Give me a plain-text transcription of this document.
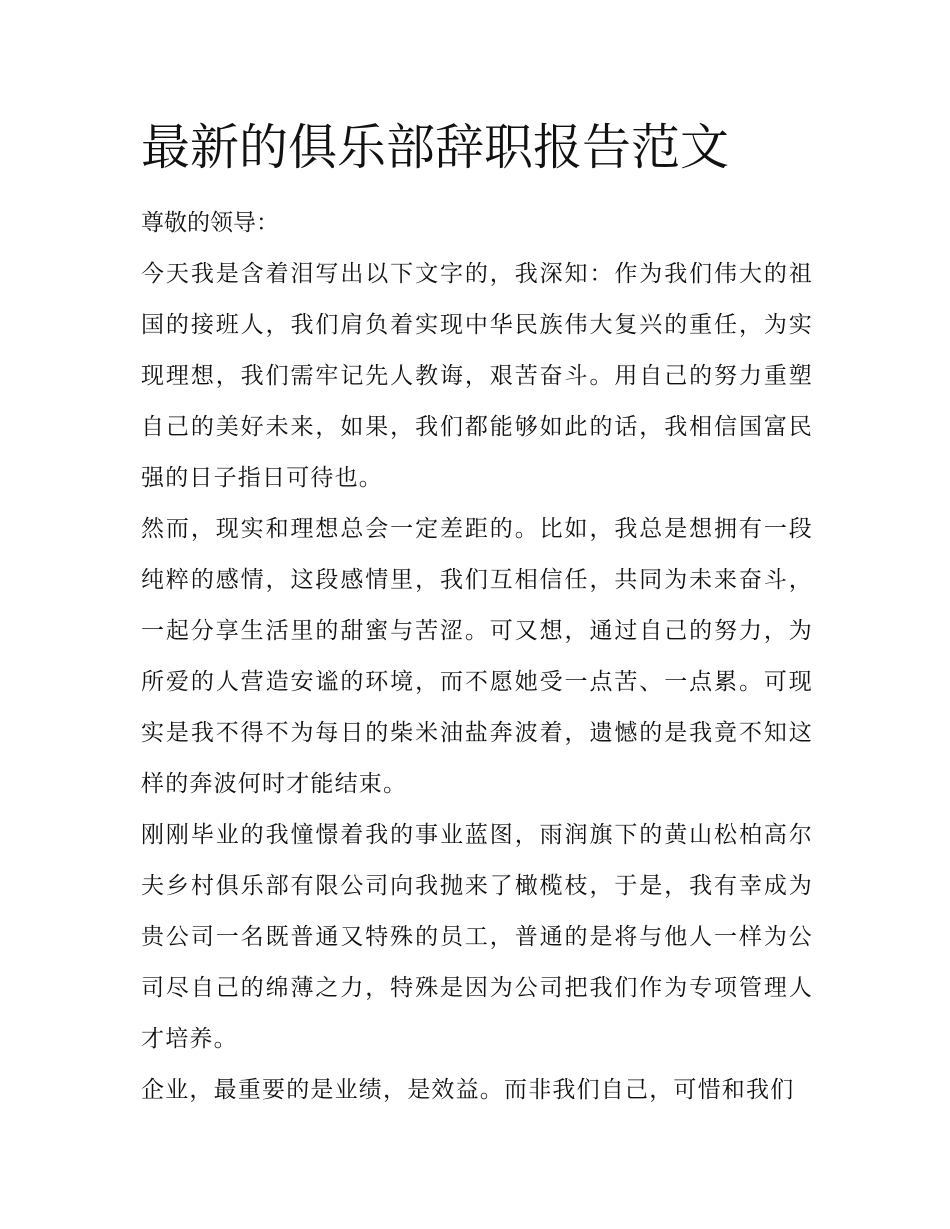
最新的俱乐部辞职报告范文

尊敬的领导：

今天我是含着泪写出以下文字的，我深知：作为我们伟大的祖国的接班人，我们肩负着实现中华民族伟大复兴的重任，为实现理想，我们需牢记先人教诲，艰苦奋斗。用自己的努力重塑自己的美好未来，如果，我们都能够如此的话，我相信国富民强的日子指日可待也。

然而，现实和理想总会一定差距的。比如，我总是想拥有一段纯粹的感情，这段感情里，我们互相信任，共同为未来奋斗，一起分享生活里的甜蜜与苦涩。可又想，通过自己的努力，为所爱的人营造安谧的环境，而不愿她受一点苦、一点累。可现实是我不得不为每日的柴米油盐奔波着，遗憾的是我竟不知这样的奔波何时才能结束。

刚刚毕业的我憧憬着我的事业蓝图，雨润旗下的黄山松柏高尔夫乡村俱乐部有限公司向我抛来了橄榄枝，于是，我有幸成为贵公司一名既普通又特殊的员工，普通的是将与他人一样为公司尽自己的绵薄之力，特殊是因为公司把我们作为专项管理人才培养。

企业，最重要的是业绩，是效益。而非我们自己，可惜和我们
